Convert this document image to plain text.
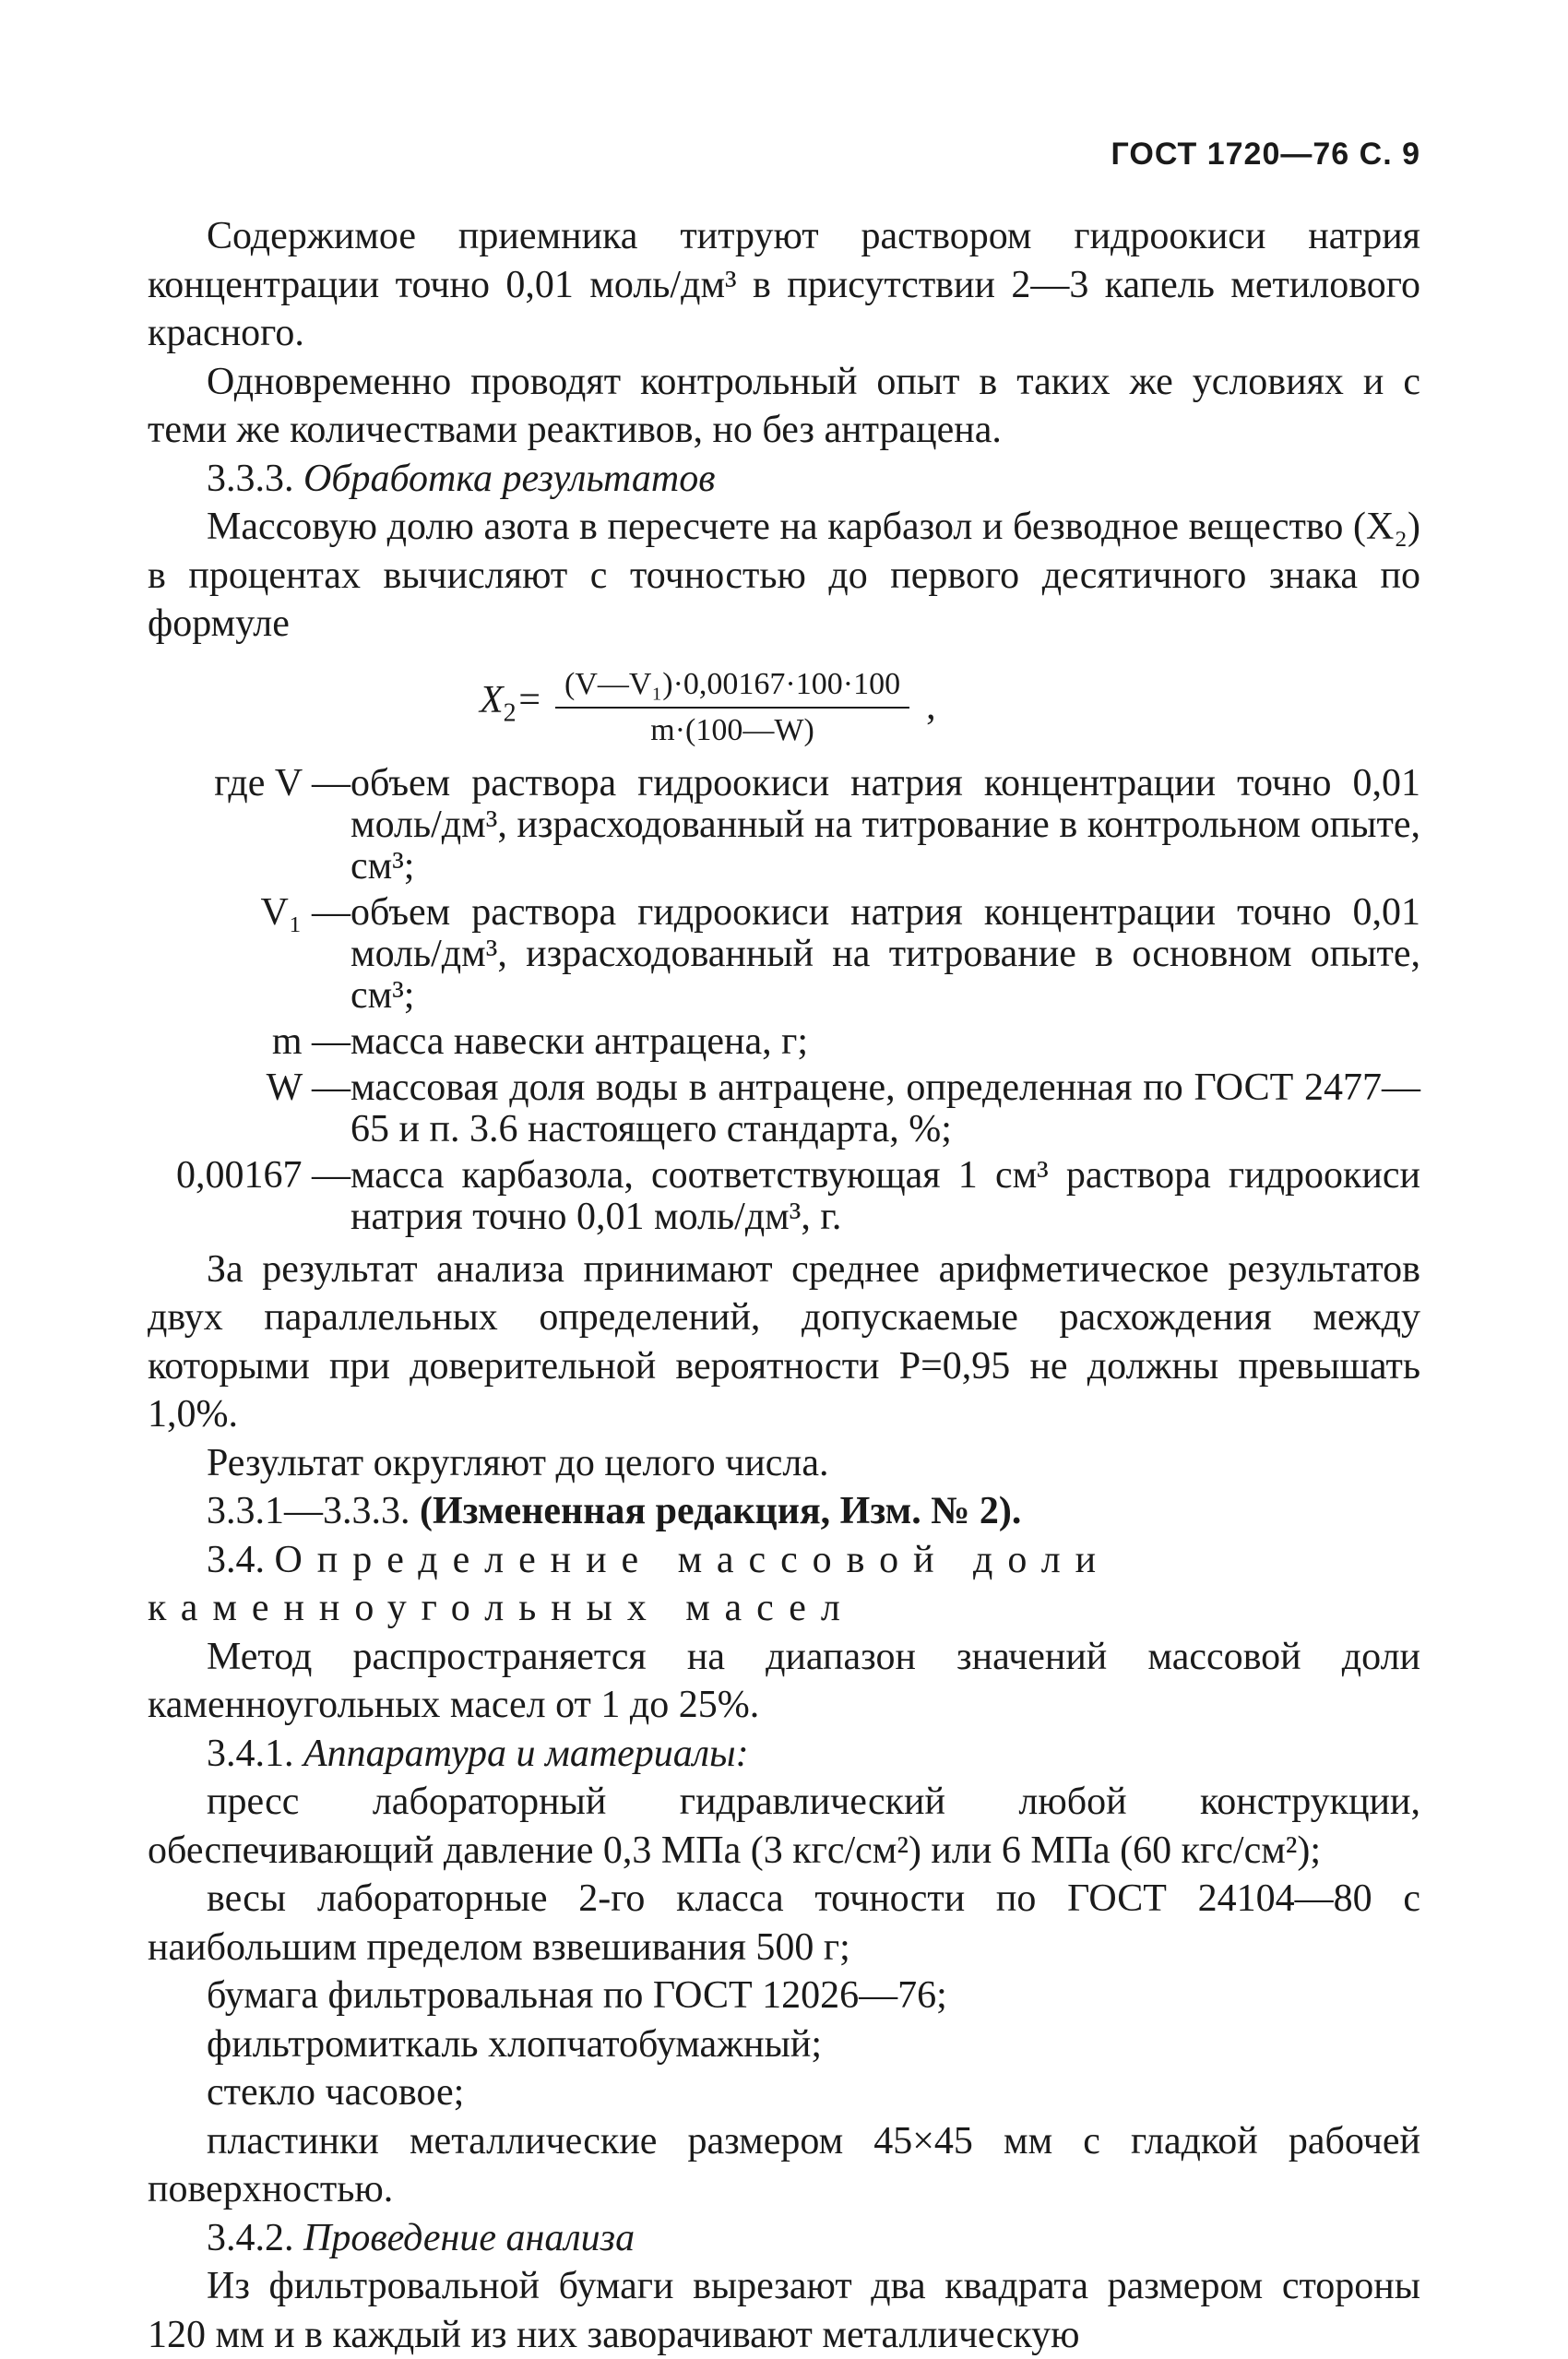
ГОСТ 1720—76 С. 9

Содержимое приемника титруют раствором гидроокиси натрия концентрации точно 0,01 моль/дм³ в присутствии 2—3 капель метилового красного.

Одновременно проводят контрольный опыт в таких же условиях и с теми же количествами реактивов, но без антрацена.

3.3.3. Обработка результатов

Массовую долю азота в пересчете на карбазол и безводное вещество (X₂) в процентах вычисляют с точностью до первого десятичного знака по формуле

$X_2= \frac{\text{(V—V₁)·0,00167·100·100}}{m\cdot(100—W)}$ ,
где V —	объем раствора гидроокиси натрия концентрации точно 0,01 моль/дм³, израсходованный на титрование в контрольном опыте, см³;

V₁ —	объем раствора гидроокиси натрия концентрации точно 0,01 моль/дм³, израсходованный на титрование в основном опыте, см³;

m —	масса навески антрацена, г;

W —	массовая доля воды в антрацене, определенная по ГОСТ 2477—65 и п. 3.6 настоящего стандарта, %;

0,00167 —	масса карбазола, соответствующая 1 см³ раствора гидроокиси натрия точно 0,01 моль/дм³, г.

За результат анализа принимают среднее арифметическое результатов двух параллельных определений, допускаемые расхождения между которыми при доверительной вероятности P=0,95 не должны превышать 1,0%.

Результат округляют до целого числа.

3.3.1—3.3.3. (Измененная редакция, Изм. № 2).

3.4. Определение массовой доли каменноугольных масел

Метод распространяется на диапазон значений массовой доли каменноугольных масел от 1 до 25%.

3.4.1. Аппаратура и материалы:

пресс лабораторный гидравлический любой конструкции, обеспечивающий давление 0,3 МПа (3 кгс/см²) или 6 МПа (60 кгс/см²);

весы лабораторные 2-го класса точности по ГОСТ 24104—80 с наибольшим пределом взвешивания 500 г;

бумага фильтровальная по ГОСТ 12026—76;

фильтромиткаль хлопчатобумажный;

стекло часовое;

пластинки металлические размером 45×45 мм с гладкой рабочей поверхностью.

3.4.2. Проведение анализа

Из фильтровальной бумаги вырезают два квадрата размером стороны 120 мм и в каждый из них заворачивают металлическую
